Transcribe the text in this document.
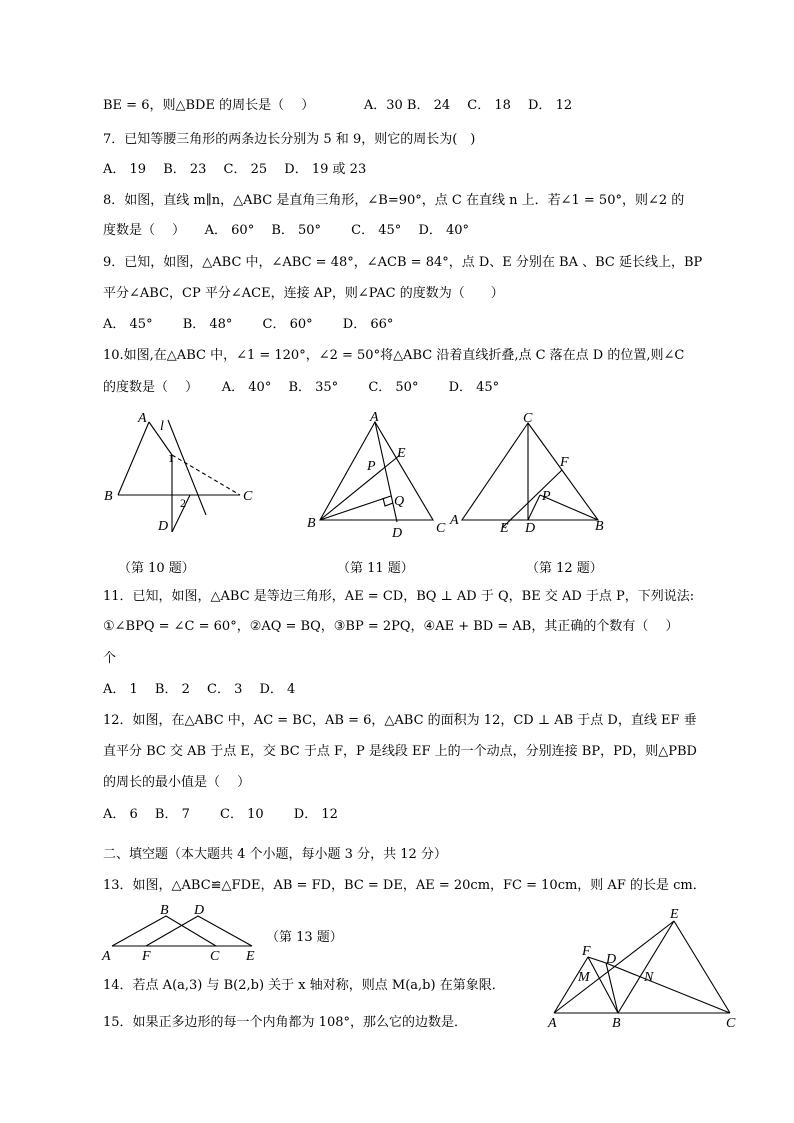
BE = 6，则△BDE 的周长是（　 ）　　　　 A．30 B． 24　 C． 18　 D． 12
7．已知等腰三角形的两条边长分别为 5 和 9，则它的周长为(　)
A． 19　 B． 23　 C． 25　 D． 19 或 23
8．如图，直线 m∥n，△ABC 是直角三角形，∠B=90°，点 C 在直线 n 上．若∠1 = 50°，则∠2 的
度数是（　 ）　　A． 60°　 B． 50°　　 C． 45°　 D． 40°
9．已知，如图，△ABC 中，∠ABC = 48°，∠ACB = 84°，点 D、E 分别在 BA 、BC 延长线上，BP
平分∠ABC，CP 平分∠ACE，连接 AP，则∠PAC 的度数为（　　）
A． 45°　　 B． 48°　　 C． 60°　　 D． 66°
10.如图,在△ABC 中，∠1 = 120°，∠2 = 50°将△ABC 沿着直线折叠,点 C 落在点 D 的位置,则∠C
的度数是（　 ）　　 A． 40°　 B． 35°　　 C． 50°　　 D． 45°
A
l
1
B	2	C
D
A
E
P
Q
B
D C
C
F
P
A
E D	B
（第 10 题）	（第 11 题）	（第 12 题）
11．已知，如图，△ABC 是等边三角形，AE = CD，BQ ⊥ AD 于 Q，BE 交 AD 于点 P，下列说法:
①∠BPQ = ∠C = 60°，②AQ = BQ，③BP = 2PQ，④AE + BD = AB，其正确的个数有（　 ）
个
A． 1　 B． 2　 C． 3　 D． 4
12．如图，在△ABC 中，AC = BC，AB = 6，△ABC 的面积为 12，CD ⊥ AB 于点 D，直线 EF 垂
直平分 BC 交 AB 于点 E，交 BC 于点 F，P 是线段 EF 上的一个动点，分别连接 BP，PD，则△PBD
的周长的最小值是（　 ）
A． 6　 B． 7　　 C． 10　　 D． 12
二、填空题（本大题共 4 个小题，每小题 3 分，共 12 分）
13．如图，△ABC≌△FDE，AB = FD，BC = DE，AE = 20cm，FC = 10cm，则 AF 的长是 cm．
B D
A F	C E
（第 13 题）
14．若点 A(a,3) 与 B(2,b) 关于 x 轴对称，则点 M(a,b) 在第象限．
15．如果正多边形的每一个内角都为 108°，那么它的边数是．
E
F
D
M	N
A	B	C
